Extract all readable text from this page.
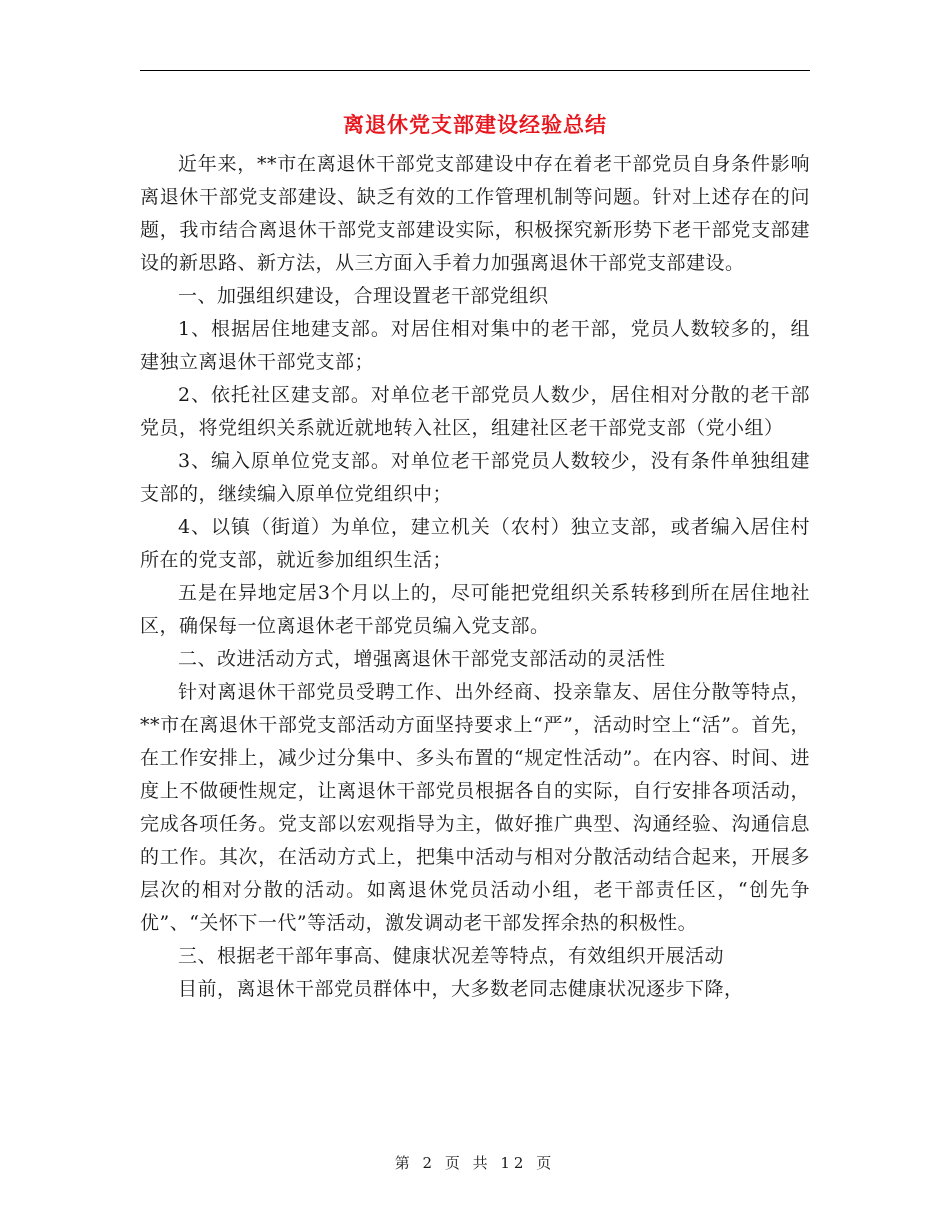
离退休党支部建设经验总结

近年来，**市在离退休干部党支部建设中存在着老干部党员自身条件影响离退休干部党支部建设、缺乏有效的工作管理机制等问题。针对上述存在的问题，我市结合离退休干部党支部建设实际，积极探究新形势下老干部党支部建设的新思路、新方法，从三方面入手着力加强离退休干部党支部建设。

一、加强组织建设，合理设置老干部党组织

1、根据居住地建支部。对居住相对集中的老干部，党员人数较多的，组建独立离退休干部党支部；

2、依托社区建支部。对单位老干部党员人数少，居住相对分散的老干部党员，将党组织关系就近就地转入社区，组建社区老干部党支部（党小组）

3、编入原单位党支部。对单位老干部党员人数较少，没有条件单独组建支部的，继续编入原单位党组织中；

4、以镇（街道）为单位，建立机关（农村）独立支部，或者编入居住村所在的党支部，就近参加组织生活；

五是在异地定居3个月以上的，尽可能把党组织关系转移到所在居住地社区，确保每一位离退休老干部党员编入党支部。

二、改进活动方式，增强离退休干部党支部活动的灵活性

针对离退休干部党员受聘工作、出外经商、投亲靠友、居住分散等特点，**市在离退休干部党支部活动方面坚持要求上“严”，活动时空上“活”。首先，在工作安排上，减少过分集中、多头布置的“规定性活动”。在内容、时间、进度上不做硬性规定，让离退休干部党员根据各自的实际，自行安排各项活动，完成各项任务。党支部以宏观指导为主，做好推广典型、沟通经验、沟通信息的工作。其次，在活动方式上，把集中活动与相对分散活动结合起来，开展多层次的相对分散的活动。如离退休党员活动小组，老干部责任区，“创先争优”、“关怀下一代”等活动，激发调动老干部发挥余热的积极性。

三、根据老干部年事高、健康状况差等特点，有效组织开展活动

目前，离退休干部党员群体中，大多数老同志健康状况逐步下降，

第 2 页 共 12 页
